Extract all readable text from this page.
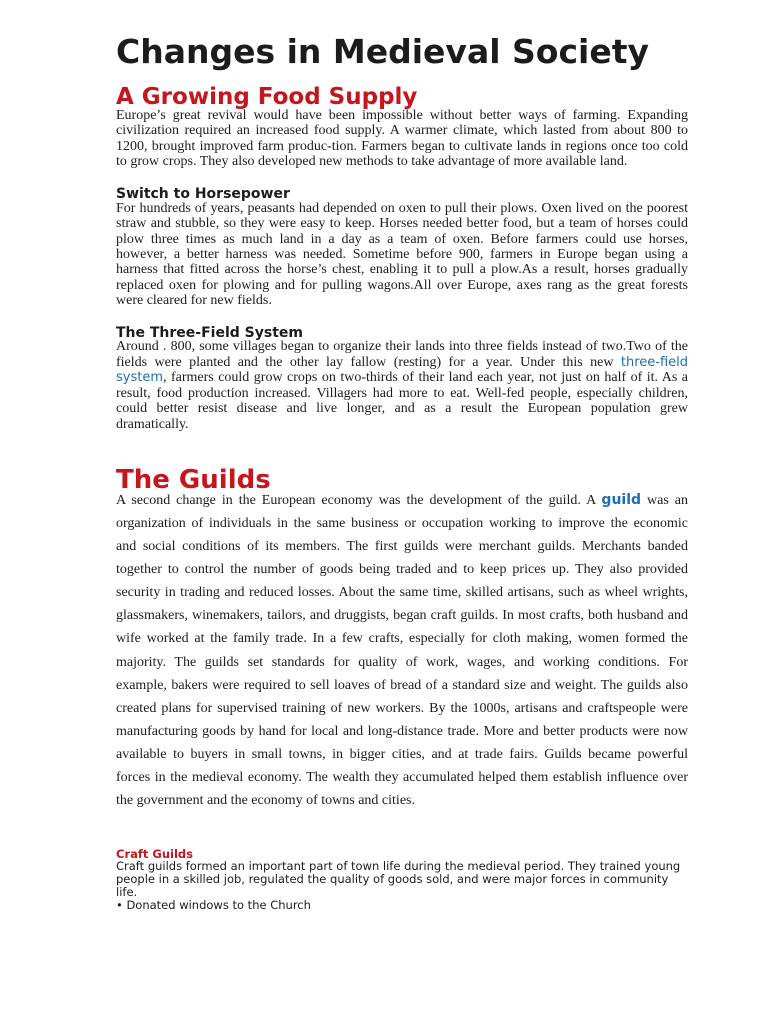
Changes in Medieval Society
A Growing Food Supply
Europe’s great revival would have been impossible without better ways of farming. Expanding
civilization required an increased food supply. A warmer climate, which lasted from about 800 to
1200, brought improved farm produc-tion. Farmers began to cultivate lands in regions once too cold
to grow crops. They also developed new methods to take advantage of more available land.
Switch to Horsepower
For hundreds of years, peasants had depended on oxen to pull their plows. Oxen lived on the poorest
straw and stubble, so they were easy to keep. Horses needed better food, but a team of horses could
plow three times as much land in a day as a team of oxen. Before farmers could use horses,
however, a better harness was needed. Sometime before 900, farmers in Europe began using a
harness that fitted across the horse’s chest, enabling it to pull a plow.As a result, horses gradually
replaced oxen for plowing and for pulling wagons.All over Europe, axes rang as the great forests
were cleared for new fields.
The Three-Field System
Around . 800, some villages began to organize their lands into three fields instead of two.Two of the
fields were planted and the other lay fallow (resting) for a year. Under this new three-field
system, farmers could grow crops on two-thirds of their land each year, not just on half of it. As a
result, food production increased. Villagers had more to eat. Well-fed people, especially children,
could better resist disease and live longer, and as a result the European population grew
dramatically.
The Guilds
A second change in the European economy was the development of the guild. A guild was an
organization of individuals in the same business or occupation working to improve the economic
and social conditions of its members. The first guilds were merchant guilds. Merchants banded
together to control the number of goods being traded and to keep prices up. They also provided
security in trading and reduced losses. About the same time, skilled artisans, such as wheel wrights,
glassmakers, winemakers, tailors, and druggists, began craft guilds. In most crafts, both husband and
wife worked at the family trade. In a few crafts, especially for cloth making, women formed the
majority. The guilds set standards for quality of work, wages, and working conditions. For
example, bakers were required to sell loaves of bread of a standard size and weight. The guilds also
created plans for supervised training of new workers. By the 1000s, artisans and craftspeople were
manufacturing goods by hand for local and long-distance trade. More and better products were now
available to buyers in small towns, in bigger cities, and at trade fairs. Guilds became powerful
forces in the medieval economy. The wealth they accumulated helped them establish influence over
the government and the economy of towns and cities.
Craft Guilds
Craft guilds formed an important part of town life during the medieval period. They trained young
people in a skilled job, regulated the quality of goods sold, and were major forces in community
life.
• Donated windows to the Church
